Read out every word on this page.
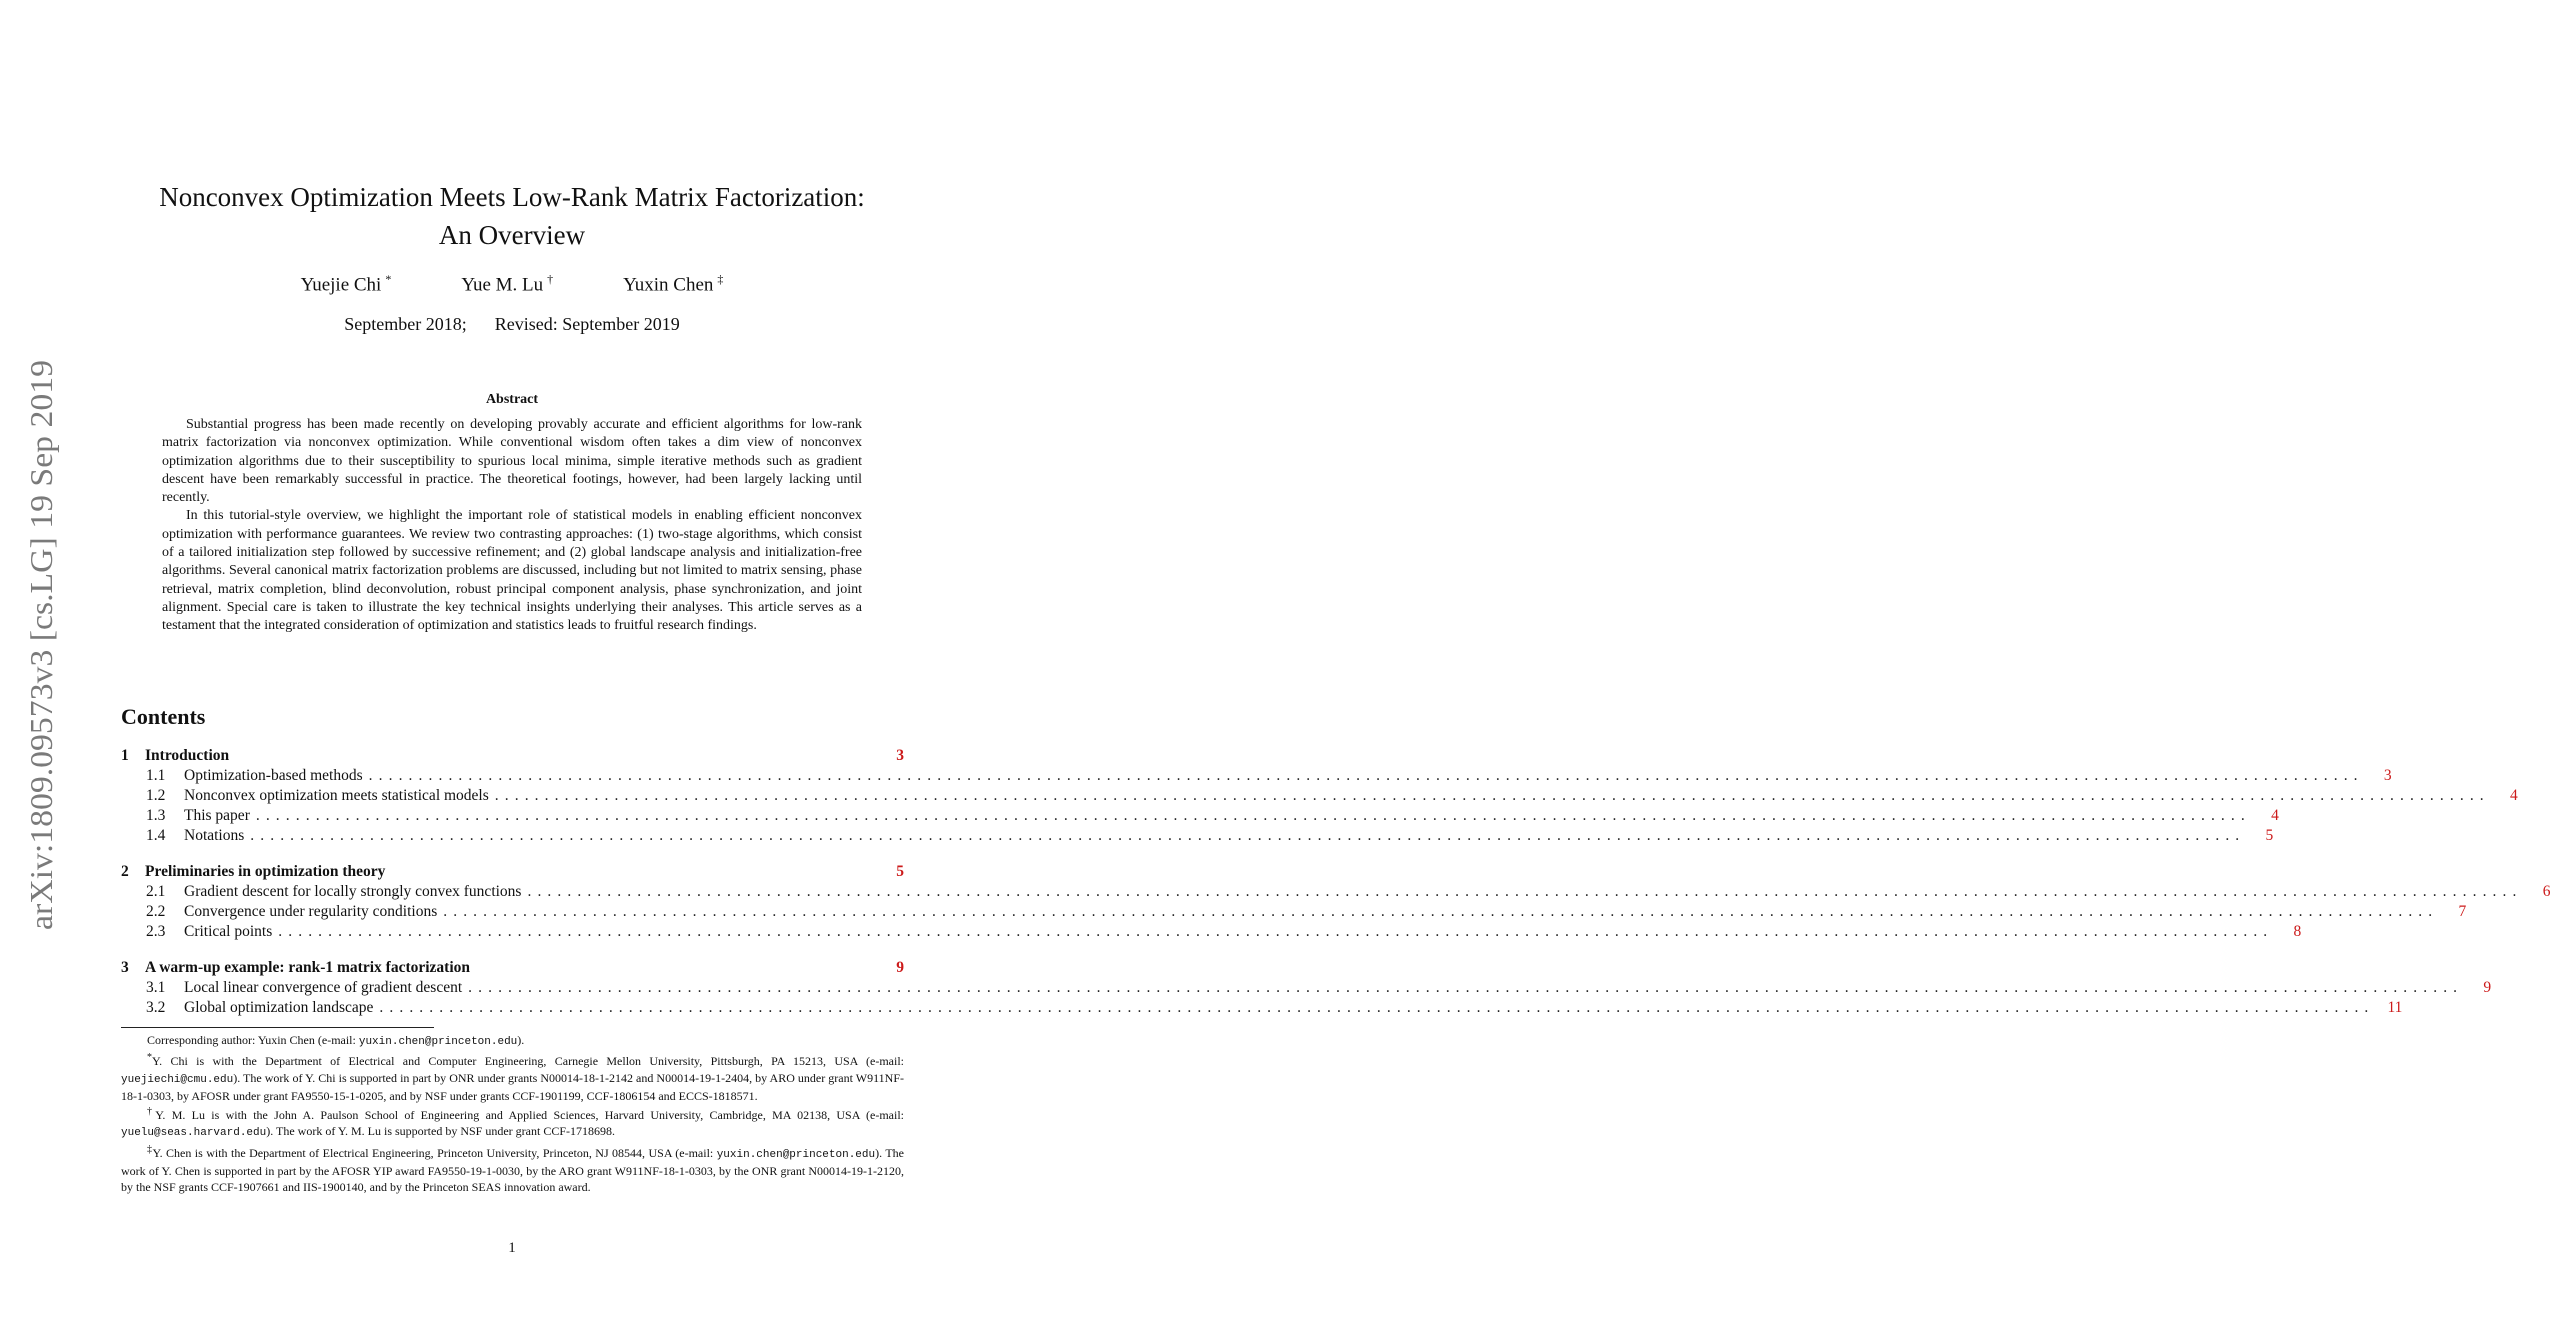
arXiv:1809.09573v3 [cs.LG] 19 Sep 2019
Nonconvex Optimization Meets Low-Rank Matrix Factorization:
An Overview
Yuejie Chi *	Yue M. Lu †	Yuxin Chen ‡
September 2018; Revised: September 2019
Abstract

Substantial progress has been made recently on developing provably accurate and efficient algorithms for low-rank matrix factorization via nonconvex optimization. While conventional wisdom often takes a dim view of nonconvex optimization algorithms due to their susceptibility to spurious local minima, simple iterative methods such as gradient descent have been remarkably successful in practice. The theoretical footings, however, had been largely lacking until recently.

In this tutorial-style overview, we highlight the important role of statistical models in enabling efficient nonconvex optimization with performance guarantees. We review two contrasting approaches: (1) two-stage algorithms, which consist of a tailored initialization step followed by successive refinement; and (2) global landscape analysis and initialization-free algorithms. Several canonical matrix factorization problems are discussed, including but not limited to matrix sensing, phase retrieval, matrix completion, blind deconvolution, robust principal component analysis, phase synchronization, and joint alignment. Special care is taken to illustrate the key technical insights underlying their analyses. This article serves as a testament that the integrated consideration of optimization and statistics leads to fruitful research findings.

Contents
1	Introduction	3
1.1	Optimization-based methods ........................................................................................................................................................................................................	3
1.2	Nonconvex optimization meets statistical models ........................................................................................................................................................................................................	4
1.3	This paper ........................................................................................................................................................................................................	4
1.4	Notations ........................................................................................................................................................................................................	5
2	Preliminaries in optimization theory	5
2.1	Gradient descent for locally strongly convex functions ........................................................................................................................................................................................................	6
2.2	Convergence under regularity conditions ........................................................................................................................................................................................................	7
2.3	Critical points ........................................................................................................................................................................................................	8
3	A warm-up example: rank-1 matrix factorization	9
3.1	Local linear convergence of gradient descent ........................................................................................................................................................................................................	9
3.2	Global optimization landscape ........................................................................................................................................................................................................ 11

Corresponding author: Yuxin Chen (e-mail: yuxin.chen@princeton.edu).

*Y. Chi is with the Department of Electrical and Computer Engineering, Carnegie Mellon University, Pittsburgh, PA 15213, USA (e-mail: yuejiechi@cmu.edu). The work of Y. Chi is supported in part by ONR under grants N00014-18-1-2142 and N00014-19-1-2404, by ARO under grant W911NF-18-1-0303, by AFOSR under grant FA9550-15-1-0205, and by NSF under grants CCF-1901199, CCF-1806154 and ECCS-1818571.

†Y. M. Lu is with the John A. Paulson School of Engineering and Applied Sciences, Harvard University, Cambridge, MA 02138, USA (e-mail: yuelu@seas.harvard.edu). The work of Y. M. Lu is supported by NSF under grant CCF-1718698.

‡Y. Chen is with the Department of Electrical Engineering, Princeton University, Princeton, NJ 08544, USA (e-mail: yuxin.chen@princeton.edu). The work of Y. Chen is supported in part by the AFOSR YIP award FA9550-19-1-0030, by the ARO grant W911NF-18-1-0303, by the ONR grant N00014-19-1-2120, by the NSF grants CCF-1907661 and IIS-1900140, and by the Princeton SEAS innovation award.

1
